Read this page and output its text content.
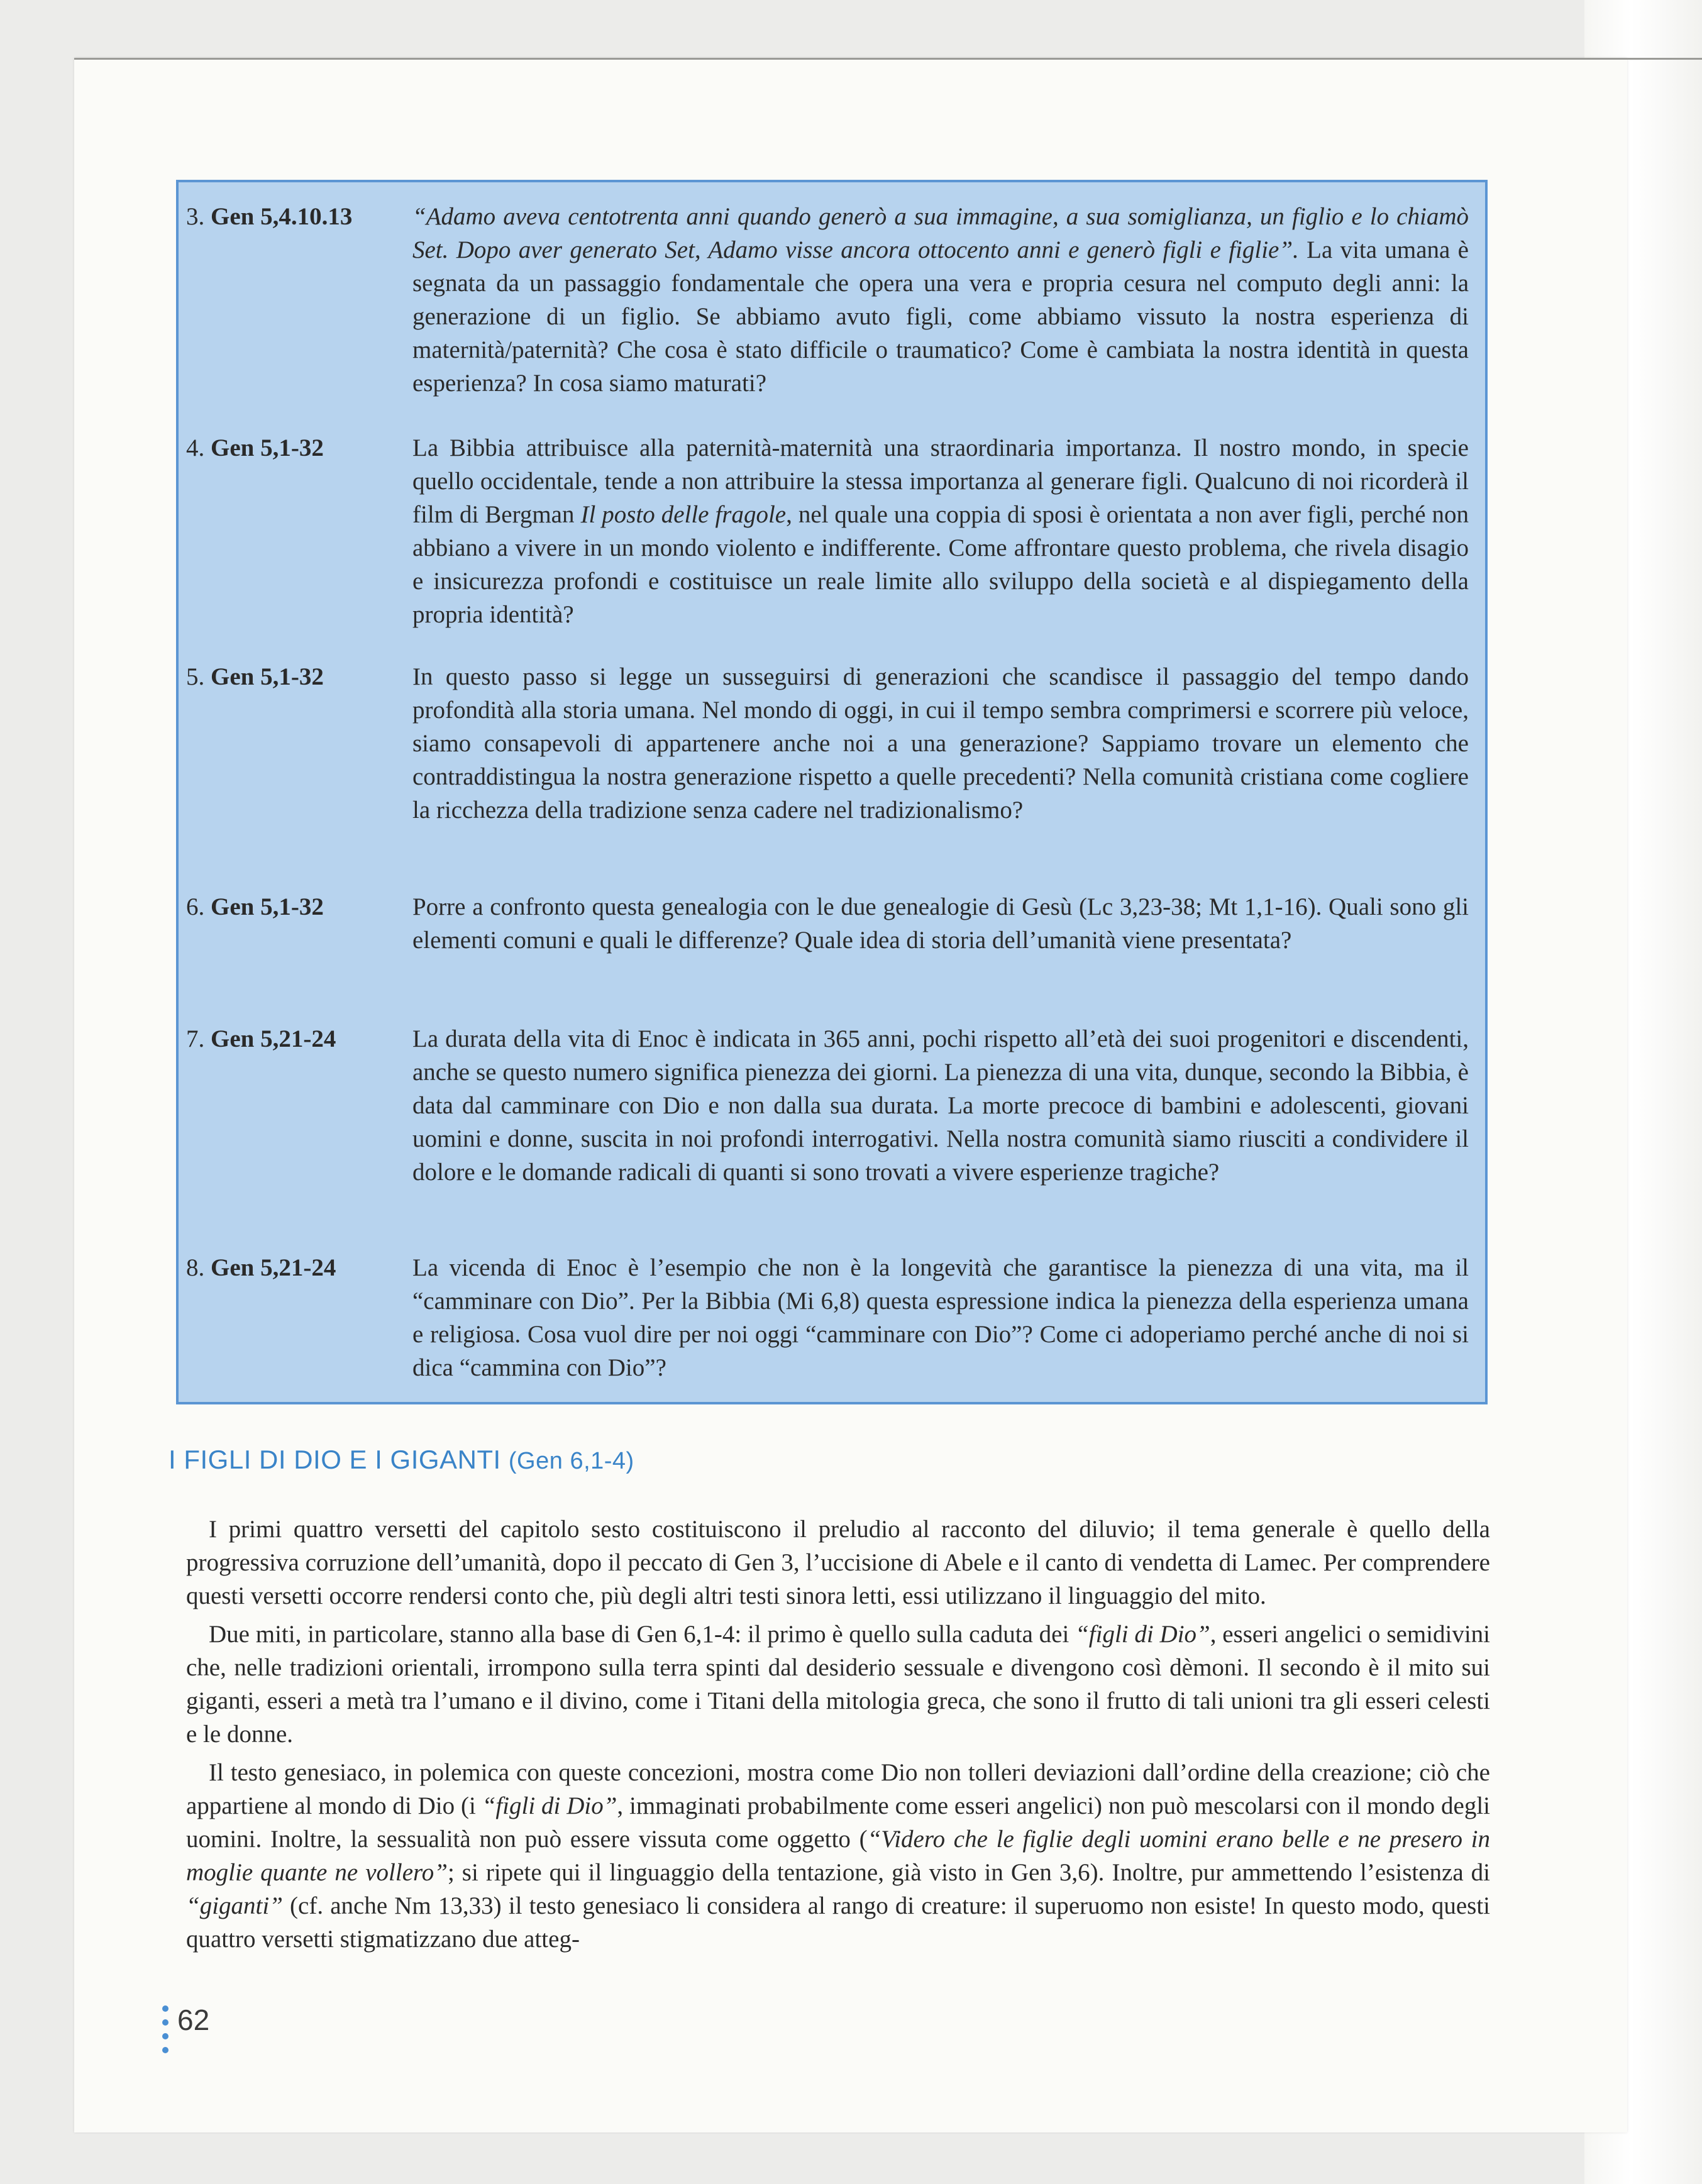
3. Gen 5,4.10.13	“Adamo aveva centotrenta anni quando generò a sua immagine, a sua somiglianza, un figlio e lo chiamò Set. Dopo aver generato Set, Adamo visse ancora ottocento anni e generò figli e figlie”. La vita umana è segnata da un passaggio fondamentale che opera una vera e propria cesura nel computo degli anni: la generazione di un figlio. Se abbiamo avuto figli, come abbiamo vissuto la nostra esperienza di maternità/paternità? Che cosa è stato difficile o traumatico? Come è cambiata la nostra identità in questa esperienza? In cosa siamo maturati?
4. Gen 5,1-32	La Bibbia attribuisce alla paternità-maternità una straordinaria importanza. Il nostro mondo, in specie quello occidentale, tende a non attribuire la stessa importanza al generare figli. Qualcuno di noi ricorderà il film di Bergman Il posto delle fragole, nel quale una coppia di sposi è orientata a non aver figli, perché non abbiano a vivere in un mondo violento e indifferente. Come affrontare questo problema, che rivela disagio e insicurezza profondi e costituisce un reale limite allo sviluppo della società e al dispiegamento della propria identità?
5. Gen 5,1-32	In questo passo si legge un susseguirsi di generazioni che scandisce il passaggio del tempo dando profondità alla storia umana. Nel mondo di oggi, in cui il tempo sembra comprimersi e scorrere più veloce, siamo consapevoli di appartenere anche noi a una generazione? Sappiamo trovare un elemento che contraddistingua la nostra generazione rispetto a quelle precedenti? Nella comunità cristiana come cogliere la ricchezza della tradizione senza cadere nel tradizionalismo?
6. Gen 5,1-32	Porre a confronto questa genealogia con le due genealogie di Gesù (Lc 3,23-38; Mt 1,1-16). Quali sono gli elementi comuni e quali le differenze? Quale idea di storia dell’umanità viene presentata?
7. Gen 5,21-24	La durata della vita di Enoc è indicata in 365 anni, pochi rispetto all’età dei suoi progenitori e discendenti, anche se questo numero significa pienezza dei giorni. La pienezza di una vita, dunque, secondo la Bibbia, è data dal camminare con Dio e non dalla sua durata. La morte precoce di bambini e adolescenti, giovani uomini e donne, suscita in noi profondi interrogativi. Nella nostra comunità siamo riusciti a condividere il dolore e le domande radicali di quanti si sono trovati a vivere esperienze tragiche?
8. Gen 5,21-24	La vicenda di Enoc è l’esempio che non è la longevità che garantisce la pienezza di una vita, ma il “camminare con Dio”. Per la Bibbia (Mi 6,8) questa espressione indica la pienezza della esperienza umana e religiosa. Cosa vuol dire per noi oggi “camminare con Dio”? Come ci adoperiamo perché anche di noi si dica “cammina con Dio”?
I FIGLI DI DIO E I GIGANTI (Gen 6,1-4)

I primi quattro versetti del capitolo sesto costituiscono il preludio al racconto del diluvio; il tema generale è quello della progressiva corruzione dell’umanità, dopo il peccato di Gen 3, l’uccisione di Abele e il canto di vendetta di Lamec. Per comprendere questi versetti occorre rendersi conto che, più degli altri testi sinora letti, essi utilizzano il linguaggio del mito.

Due miti, in particolare, stanno alla base di Gen 6,1-4: il primo è quello sulla caduta dei “figli di Dio”, esseri angelici o semidivini che, nelle tradizioni orientali, irrompono sulla terra spinti dal desiderio sessuale e divengono così dèmoni. Il secondo è il mito sui giganti, esseri a metà tra l’umano e il divino, come i Titani della mitologia greca, che sono il frutto di tali unioni tra gli esseri celesti e le donne.

Il testo genesiaco, in polemica con queste concezioni, mostra come Dio non tolleri deviazioni dall’ordine della creazione; ciò che appartiene al mondo di Dio (i “figli di Dio”, immaginati probabilmente come esseri angelici) non può mescolarsi con il mondo degli uomini. Inoltre, la sessualità non può essere vissuta come oggetto (“Videro che le figlie degli uomini erano belle e ne presero in moglie quante ne vollero”; si ripete qui il linguaggio della tentazione, già visto in Gen 3,6). Inoltre, pur ammettendo l’esistenza di “giganti” (cf. anche Nm 13,33) il testo genesiaco li considera al rango di creature: il superuomo non esiste! In questo modo, questi quattro versetti stigmatizzano due atteg-

62
